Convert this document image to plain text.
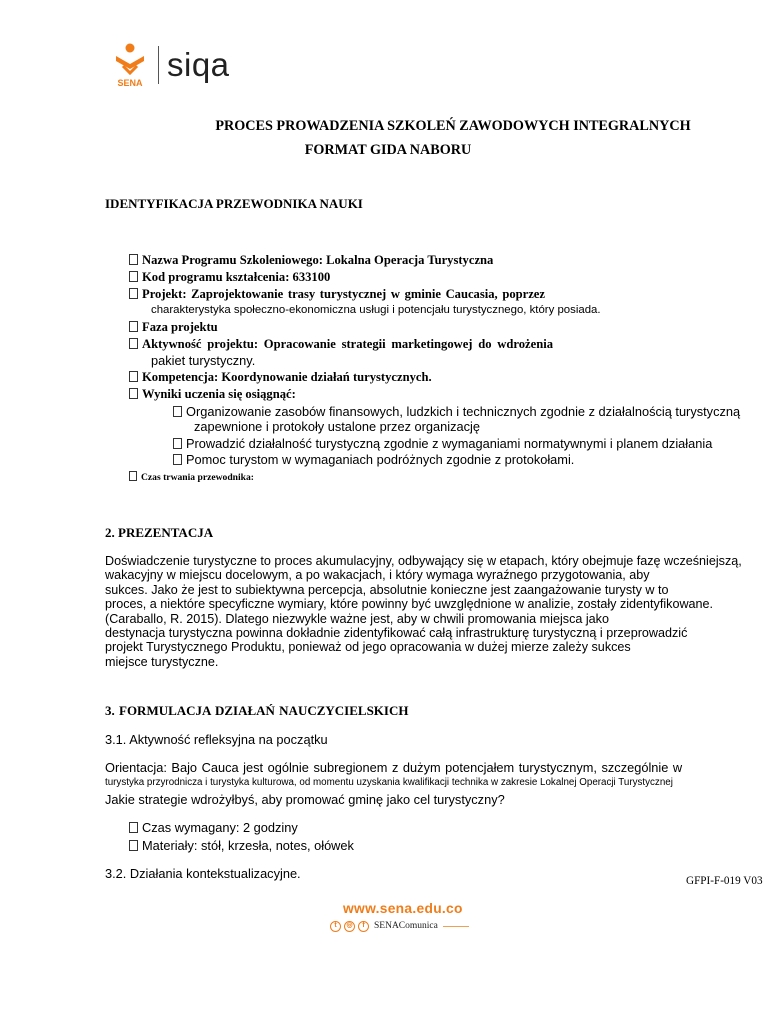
SENA siqa
PROCES PROWADZENIA SZKOLEŃ ZAWODOWYCH INTEGRALNYCH
FORMAT GIDA NABORU
IDENTYFIKACJA PRZEWODNIKA NAUKI
Nazwa Programu Szkoleniowego: Lokalna Operacja Turystyczna
Kod programu kształcenia: 633100
Projekt: Zaprojektowanie trasy turystycznej w gminie Caucasia, poprzez
charakterystyka społeczno-ekonomiczna usługi i potencjału turystycznego, który posiada.
Faza projektu
Aktywność projektu: Opracowanie strategii marketingowej do wdrożenia
pakiet turystyczny.
Kompetencja: Koordynowanie działań turystycznych.
Wyniki uczenia się osiągnąć:
Organizowanie zasobów finansowych, ludzkich i technicznych zgodnie z działalnością turystyczną
zapewnione i protokoły ustalone przez organizację
Prowadzić działalność turystyczną zgodnie z wymaganiami normatywnymi i planem działania
Pomoc turystom w wymaganiach podróżnych zgodnie z protokołami.
Czas trwania przewodnika:
2. PREZENTACJA
Doświadczenie turystyczne to proces akumulacyjny, odbywający się w etapach, który obejmuje fazę wcześniejszą,
wakacyjny w miejscu docelowym, a po wakacjach, i który wymaga wyraźnego przygotowania, aby
sukces. Jako że jest to subiektywna percepcja, absolutnie konieczne jest zaangażowanie turysty w to
proces, a niektóre specyficzne wymiary, które powinny być uwzględnione w analizie, zostały zidentyfikowane.
(Caraballo, R. 2015). Dlatego niezwykle ważne jest, aby w chwili promowania miejsca jako
destynacja turystyczna powinna dokładnie zidentyfikować całą infrastrukturę turystyczną i przeprowadzić
projekt Turystycznego Produktu, ponieważ od jego opracowania w dużej mierze zależy sukces
miejsce turystyczne.
3. FORMULACJA DZIAŁAŃ NAUCZYCIELSKICH
3.1. Aktywność refleksyjna na początku
Orientacja: Bajo Cauca jest ogólnie subregionem z dużym potencjałem turystycznym, szczególnie w
turystyka przyrodnicza i turystyka kulturowa, od momentu uzyskania kwalifikacji technika w zakresie Lokalnej Operacji Turystycznej
Jakie strategie wdrożyłbyś, aby promować gminę jako cel turystyczny?
Czas wymagany: 2 godziny
Materiały: stół, krzesła, notes, ołówek
3.2. Działania kontekstualizacyjne.	GFPI-F-019 V03
www.sena.edu.co
t	◎	f SENAComunica
